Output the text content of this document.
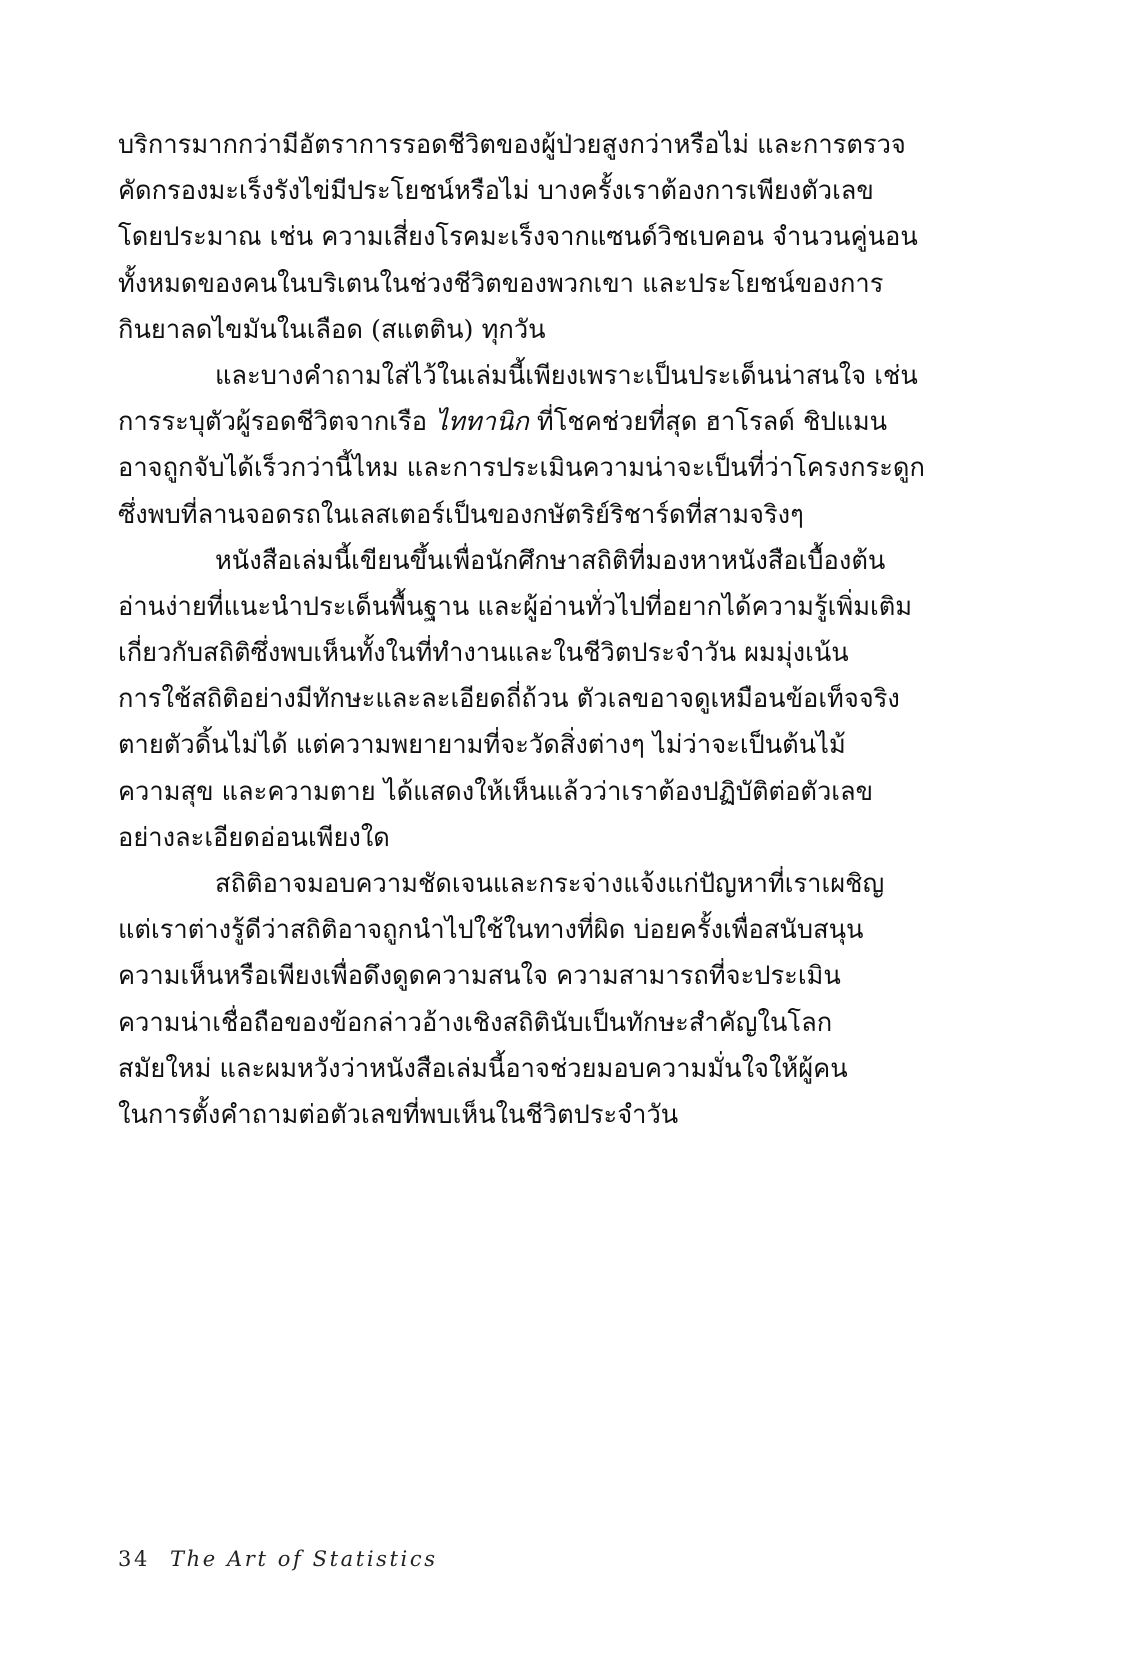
บริการมากกว่ามีอัตราการรอดชีวิตของผู้ป่วยสูงกว่าหรือไม่ และการตรวจ
คัดกรองมะเร็งรังไข่มีประโยชน์หรือไม่ บางครั้งเราต้องการเพียงตัวเลข
โดยประมาณ เช่น ความเสี่ยงโรคมะเร็งจากแซนด์วิชเบคอน จำนวนคู่นอน
ทั้งหมดของคนในบริเตนในช่วงชีวิตของพวกเขา และประโยชน์ของการ
กินยาลดไขมันในเลือด (สแตติน) ทุกวัน
และบางคำถามใส่ไว้ในเล่มนี้เพียงเพราะเป็นประเด็นน่าสนใจ เช่น
การระบุตัวผู้รอดชีวิตจากเรือ ไททานิก ที่โชคช่วยที่สุด ฮาโรลด์ ชิปแมน
อาจถูกจับได้เร็วกว่านี้ไหม และการประเมินความน่าจะเป็นที่ว่าโครงกระดูก
ซึ่งพบที่ลานจอดรถในเลสเตอร์เป็นของกษัตริย์ริชาร์ดที่สามจริงๆ
หนังสือเล่มนี้เขียนขึ้นเพื่อนักศึกษาสถิติที่มองหาหนังสือเบื้องต้น
อ่านง่ายที่แนะนำประเด็นพื้นฐาน และผู้อ่านทั่วไปที่อยากได้ความรู้เพิ่มเติม
เกี่ยวกับสถิติซึ่งพบเห็นทั้งในที่ทำงานและในชีวิตประจำวัน ผมมุ่งเน้น
การใช้สถิติอย่างมีทักษะและละเอียดถี่ถ้วน ตัวเลขอาจดูเหมือนข้อเท็จจริง
ตายตัวดิ้นไม่ได้ แต่ความพยายามที่จะวัดสิ่งต่างๆ ไม่ว่าจะเป็นต้นไม้
ความสุข และความตาย ได้แสดงให้เห็นแล้วว่าเราต้องปฏิบัติต่อตัวเลข
อย่างละเอียดอ่อนเพียงใด
สถิติอาจมอบความชัดเจนและกระจ่างแจ้งแก่ปัญหาที่เราเผชิญ
แต่เราต่างรู้ดีว่าสถิติอาจถูกนำไปใช้ในทางที่ผิด บ่อยครั้งเพื่อสนับสนุน
ความเห็นหรือเพียงเพื่อดึงดูดความสนใจ ความสามารถที่จะประเมิน
ความน่าเชื่อถือของข้อกล่าวอ้างเชิงสถิตินับเป็นทักษะสำคัญในโลก
สมัยใหม่ และผมหวังว่าหนังสือเล่มนี้อาจช่วยมอบความมั่นใจให้ผู้คน
ในการตั้งคำถามต่อตัวเลขที่พบเห็นในชีวิตประจำวัน
34 The Art of Statistics
